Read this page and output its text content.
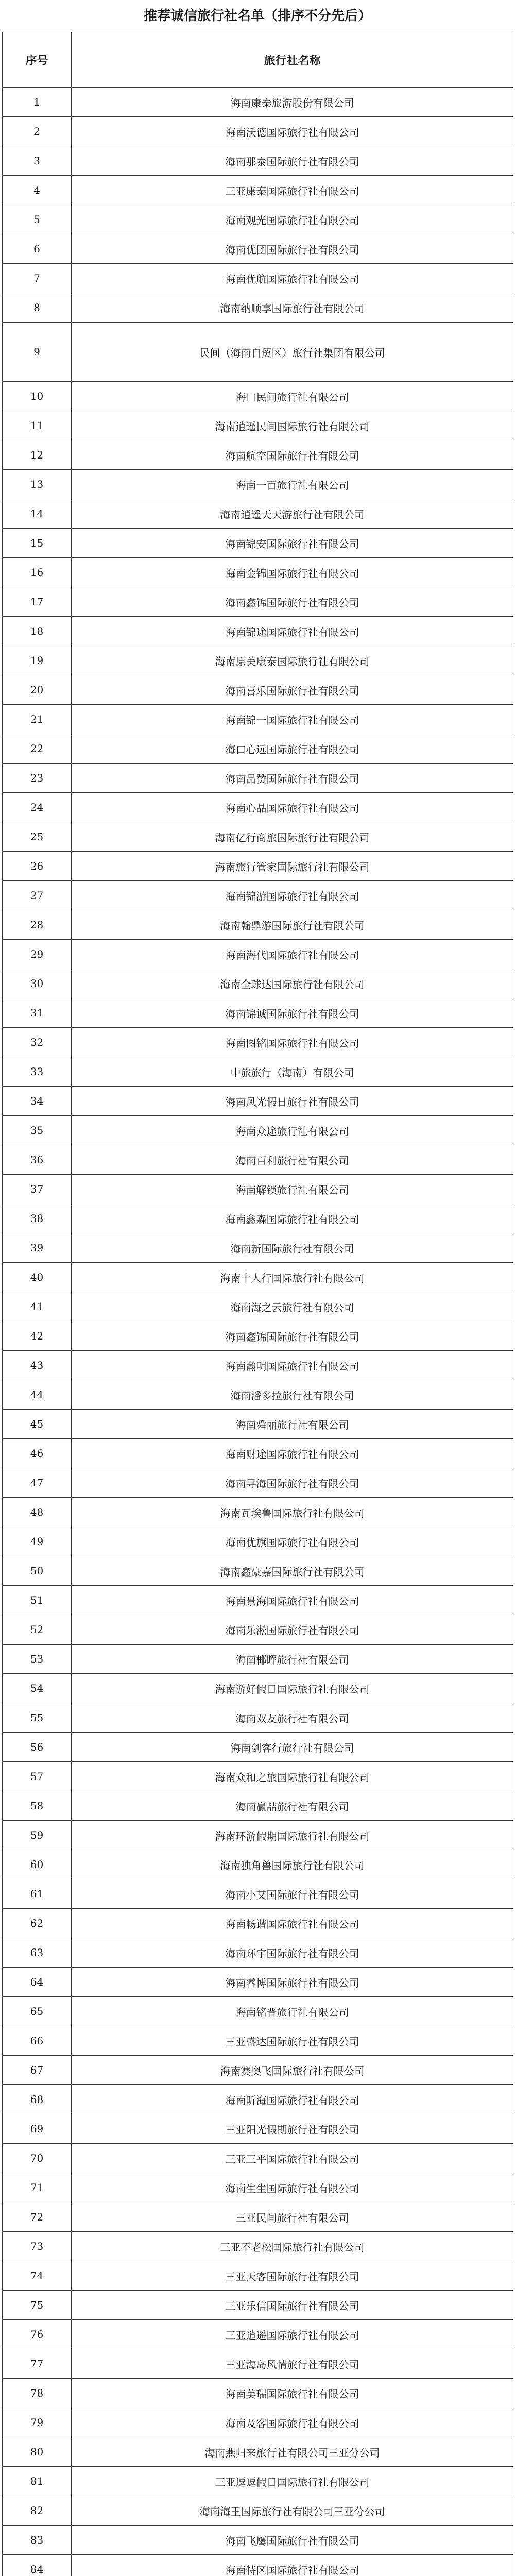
推荐诚信旅行社名单（排序不分先后）
序号	旅行社名称
1	海南康泰旅游股份有限公司
2	海南沃德国际旅行社有限公司
3	海南那泰国际旅行社有限公司
4	三亚康泰国际旅行社有限公司
5	海南观光国际旅行社有限公司
6	海南优团国际旅行社有限公司
7	海南优航国际旅行社有限公司
8	海南纳顺享国际旅行社有限公司
9	民间（海南自贸区）旅行社集团有限公司
10	海口民间旅行社有限公司
11	海南逍遥民间国际旅行社有限公司
12	海南航空国际旅行社有限公司
13	海南一百旅行社有限公司
14	海南逍遥天天游旅行社有限公司
15	海南锦安国际旅行社有限公司
16	海南金锦国际旅行社有限公司
17	海南鑫锦国际旅行社有限公司
18	海南锦途国际旅行社有限公司
19	海南原美康泰国际旅行社有限公司
20	海南喜乐国际旅行社有限公司
21	海南锦一国际旅行社有限公司
22	海口心远国际旅行社有限公司
23	海南品赞国际旅行社有限公司
24	海南心晶国际旅行社有限公司
25	海南亿行商旅国际旅行社有限公司
26	海南旅行管家国际旅行社有限公司
27	海南锦游国际旅行社有限公司
28	海南翰鼎游国际旅行社有限公司
29	海南海代国际旅行社有限公司
30	海南全球达国际旅行社有限公司
31	海南锦诚国际旅行社有限公司
32	海南图铭国际旅行社有限公司
33	中旅旅行（海南）有限公司
34	海南风光假日旅行社有限公司
35	海南众途旅行社有限公司
36	海南百利旅行社有限公司
37	海南解锁旅行社有限公司
38	海南鑫森国际旅行社有限公司
39	海南新国际旅行社有限公司
40	海南十人行国际旅行社有限公司
41	海南海之云旅行社有限公司
42	海南鑫锦国际旅行社有限公司
43	海南瀚明国际旅行社有限公司
44	海南潘多拉旅行社有限公司
45	海南舜丽旅行社有限公司
46	海南财途国际旅行社有限公司
47	海南寻海国际旅行社有限公司
48	海南瓦埃鲁国际旅行社有限公司
49	海南优旗国际旅行社有限公司
50	海南鑫豪嘉国际旅行社有限公司
51	海南景海国际旅行社有限公司
52	海南乐淞国际旅行社有限公司
53	海南椰晖旅行社有限公司
54	海南游好假日国际旅行社有限公司
55	海南双友旅行社有限公司
56	海南剑客行旅行社有限公司
57	海南众和之旅国际旅行社有限公司
58	海南赢喆旅行社有限公司
59	海南环游假期国际旅行社有限公司
60	海南独角兽国际旅行社有限公司
61	海南小艾国际旅行社有限公司
62	海南畅谐国际旅行社有限公司
63	海南环宇国际旅行社有限公司
64	海南睿博国际旅行社有限公司
65	海南铭晋旅行社有限公司
66	三亚盛达国际旅行社有限公司
67	海南赛奥飞国际旅行社有限公司
68	海南昕海国际旅行社有限公司
69	三亚阳光假期旅行社有限公司
70	三亚三平国际旅行社有限公司
71	海南生生国际旅行社有限公司
72	三亚民间旅行社有限公司
73	三亚不老松国际旅行社有限公司
74	三亚天客国际旅行社有限公司
75	三亚乐信国际旅行社有限公司
76	三亚逍遥国际旅行社有限公司
77	三亚海岛风情旅行社有限公司
78	海南美瑞国际旅行社有限公司
79	海南及客国际旅行社有限公司
80	海南燕归来旅行社有限公司三亚分公司
81	三亚逗逗假日国际旅行社有限公司
82	海南海王国际旅行社有限公司三亚分公司
83	海南飞鹰国际旅行社有限公司
84	海南特区国际旅行社有限公司
